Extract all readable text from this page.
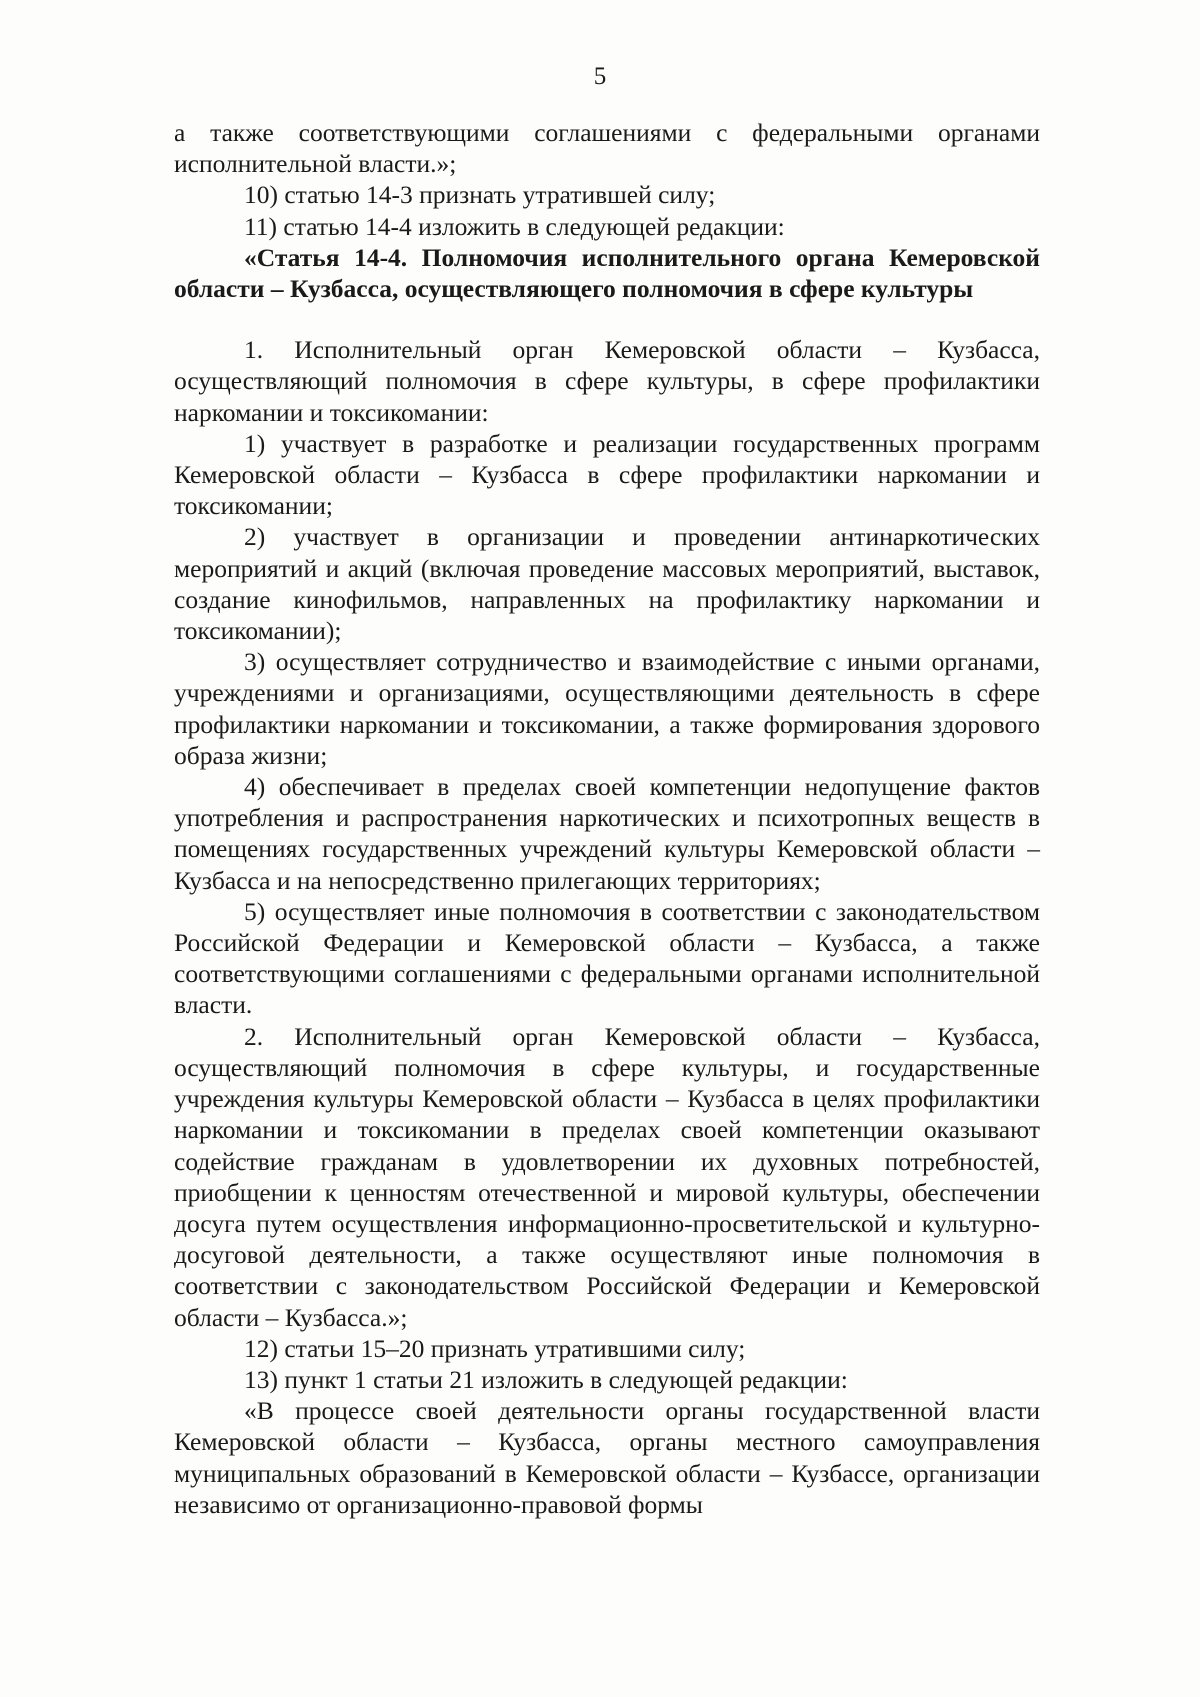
5

а также соответствующими соглашениями с федеральными органами исполнительной власти.»;

10) статью 14-3 признать утратившей силу;

11) статью 14-4 изложить в следующей редакции:

«Статья 14-4. Полномочия исполнительного органа Кемеровской области – Кузбасса, осуществляющего полномочия в сфере культуры

1. Исполнительный орган Кемеровской области – Кузбасса, осуществляющий полномочия в сфере культуры, в сфере профилактики наркомании и токсикомании:

1) участвует в разработке и реализации государственных программ Кемеровской области – Кузбасса в сфере профилактики наркомании и токсикомании;

2) участвует в организации и проведении антинаркотических мероприятий и акций (включая проведение массовых мероприятий, выставок, создание кинофильмов, направленных на профилактику наркомании и токсикомании);

3) осуществляет сотрудничество и взаимодействие с иными органами, учреждениями и организациями, осуществляющими деятельность в сфере профилактики наркомании и токсикомании, а также формирования здорового образа жизни;

4) обеспечивает в пределах своей компетенции недопущение фактов употребления и распространения наркотических и психотропных веществ в помещениях государственных учреждений культуры Кемеровской области – Кузбасса и на непосредственно прилегающих территориях;

5) осуществляет иные полномочия в соответствии с законодательством Российской Федерации и Кемеровской области – Кузбасса, а также соответствующими соглашениями с федеральными органами исполнительной власти.

2. Исполнительный орган Кемеровской области – Кузбасса, осуществляющий полномочия в сфере культуры, и государственные учреждения культуры Кемеровской области – Кузбасса в целях профилактики наркомании и токсикомании в пределах своей компетенции оказывают содействие гражданам в удовлетворении их духовных потребностей, приобщении к ценностям отечественной и мировой культуры, обеспечении досуга путем осуществления информационно-просветительской и культурно-досуговой деятельности, а также осуществляют иные полномочия в соответствии с законодательством Российской Федерации и Кемеровской области – Кузбасса.»;

12) статьи 15–20 признать утратившими силу;

13) пункт 1 статьи 21 изложить в следующей редакции:

«В процессе своей деятельности органы государственной власти Кемеровской области – Кузбасса, органы местного самоуправления муниципальных образований в Кемеровской области – Кузбассе, организации независимо от организационно-правовой формы
